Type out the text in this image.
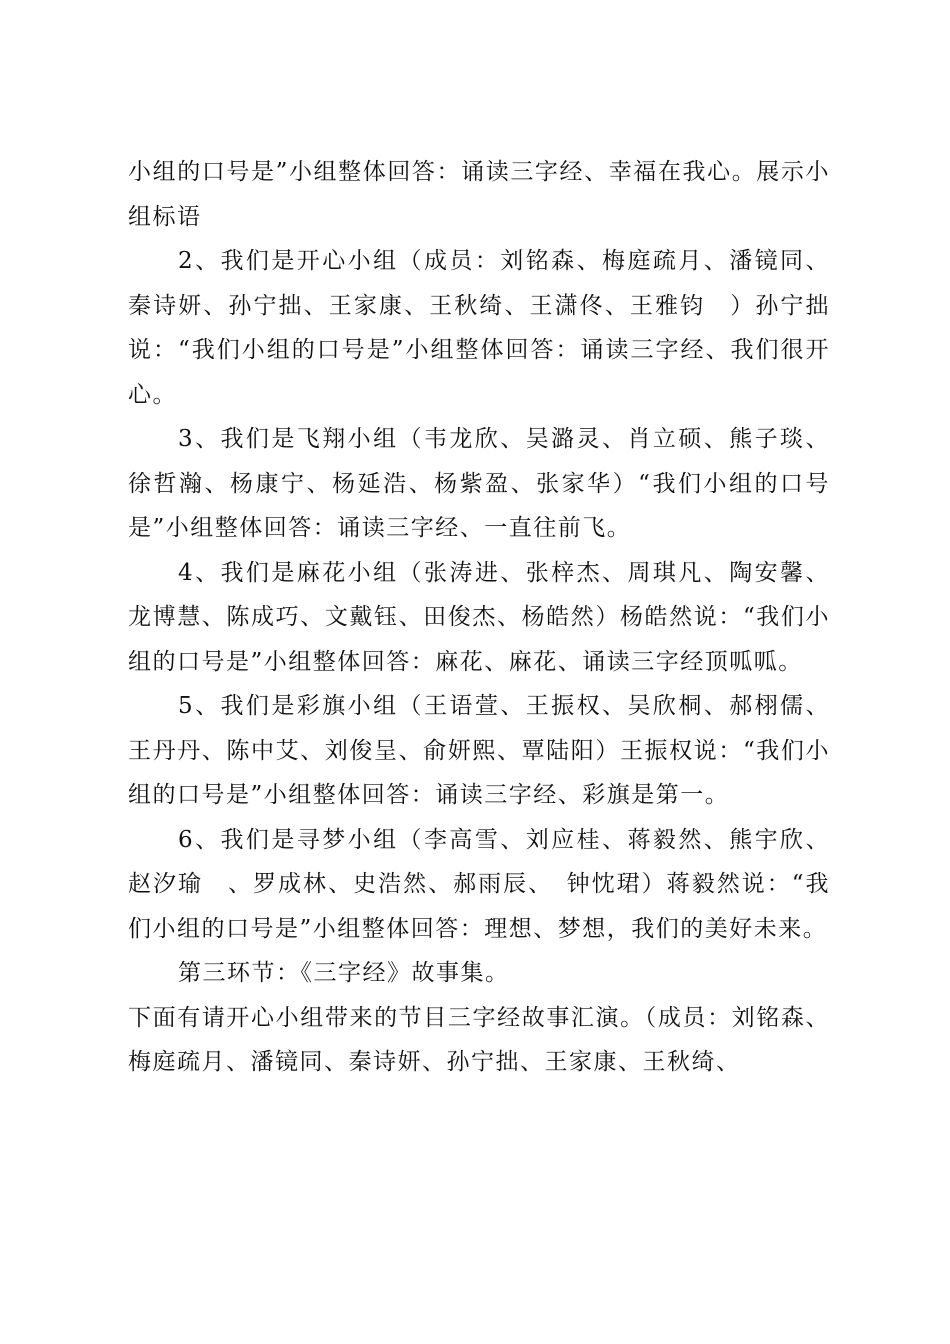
小组的口号是”小组整体回答：诵读三字经、幸福在我心。展示小组标语

2、我们是开心小组（成员：刘铭森、梅庭疏月、潘镜同、秦诗妍、孙宁拙、王家康、王秋绮、王潇佟、王雅钧　）孙宁拙说：“我们小组的口号是”小组整体回答：诵读三字经、我们很开心。

3、我们是飞翔小组（韦龙欣、吴潞灵、肖立硕、熊子琰、徐哲瀚、杨康宁、杨延浩、杨紫盈、张家华）“我们小组的口号是”小组整体回答：诵读三字经、一直往前飞。

4、我们是麻花小组（张涛进、张梓杰、周琪凡、陶安馨、龙博慧、陈成巧、文戴钰、田俊杰、杨皓然）杨皓然说：“我们小组的口号是”小组整体回答：麻花、麻花、诵读三字经顶呱呱。

5、我们是彩旗小组（王语萱、王振权、吴欣桐、郝栩儒、王丹丹、陈中艾、刘俊呈、俞妍熙、覃陆阳）王振权说：“我们小组的口号是”小组整体回答：诵读三字经、彩旗是第一。

6、我们是寻梦小组（李高雪、刘应桂、蒋毅然、熊宇欣、赵汐瑜　、罗成林、史浩然、郝雨辰、　钟忱珺）蒋毅然说：“我们小组的口号是”小组整体回答：理想、梦想，我们的美好未来。

第三环节：《三字经》故事集。

下面有请开心小组带来的节目三字经故事汇演。（成员：刘铭森、梅庭疏月、潘镜同、秦诗妍、孙宁拙、王家康、王秋绮、
